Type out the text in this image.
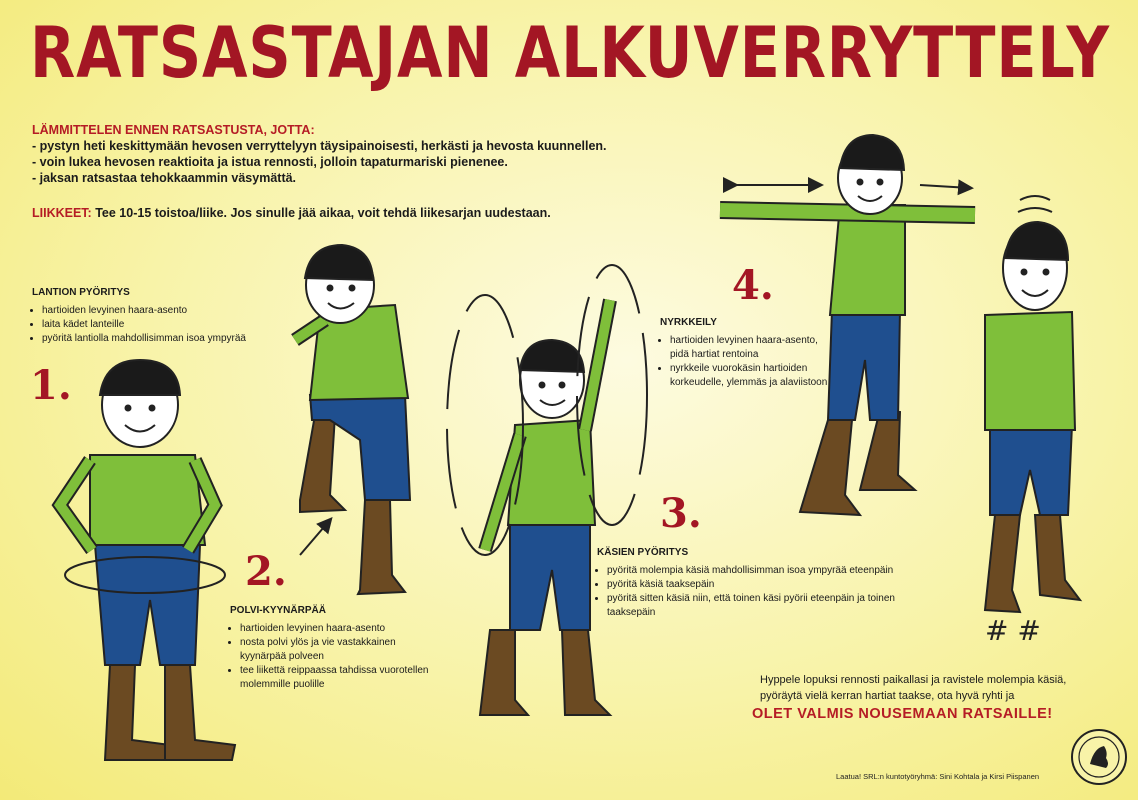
RATSASTAJAN ALKUVERRYTTELY
LÄMMITTELEN ENNEN RATSASTUSTA, JOTTA:
- pystyn heti keskittymään hevosen verryttelyyn täysipainoisesti, herkästi ja hevosta kuunnellen.
- voin lukea hevosen reaktioita ja istua rennosti, jolloin tapaturmariski pienenee.
- jaksan ratsastaa tehokkaammin väsymättä.
LIIKKEET: Tee 10-15 toistoa/liike. Jos sinulle jää aikaa, voit tehdä liikesarjan uudestaan.
# #
LANTION PYÖRITYS
• hartioiden levyinen haara-asento
• laita kädet lanteille
• pyöritä lantiolla mahdollisimman isoa ympyrää
1.
2.
POLVI-KYYNÄRPÄÄ
• hartioiden levyinen haara-asento
• nosta polvi ylös ja vie vastakkainen kyynärpää polveen
• tee liikettä reippaassa tahdissa vuorotellen molemmille puolille
3.
KÄSIEN PYÖRITYS
• pyöritä molempia käsiä mahdollisimman isoa ympyrää eteenpäin
• pyöritä käsiä taaksepäin
• pyöritä sitten käsiä niin, että toinen käsi pyörii eteenpäin ja toinen taaksepäin
4.
NYRKKEILY
• hartioiden levyinen haara-asento, pidä hartiat rentoina
• nyrkkeile vuorokäsin hartioiden korkeudelle, ylemmäs ja alaviistoon
Hyppele lopuksi rennosti paikallasi ja ravistele molempia käsiä, pyöräytä vielä kerran hartiat taakse, ota hyvä ryhti ja
OLET VALMIS NOUSEMAAN RATSAILLE!
Laatua! SRL:n kuntotyöryhmä: Sini Kohtala ja Kirsi Piispanen
